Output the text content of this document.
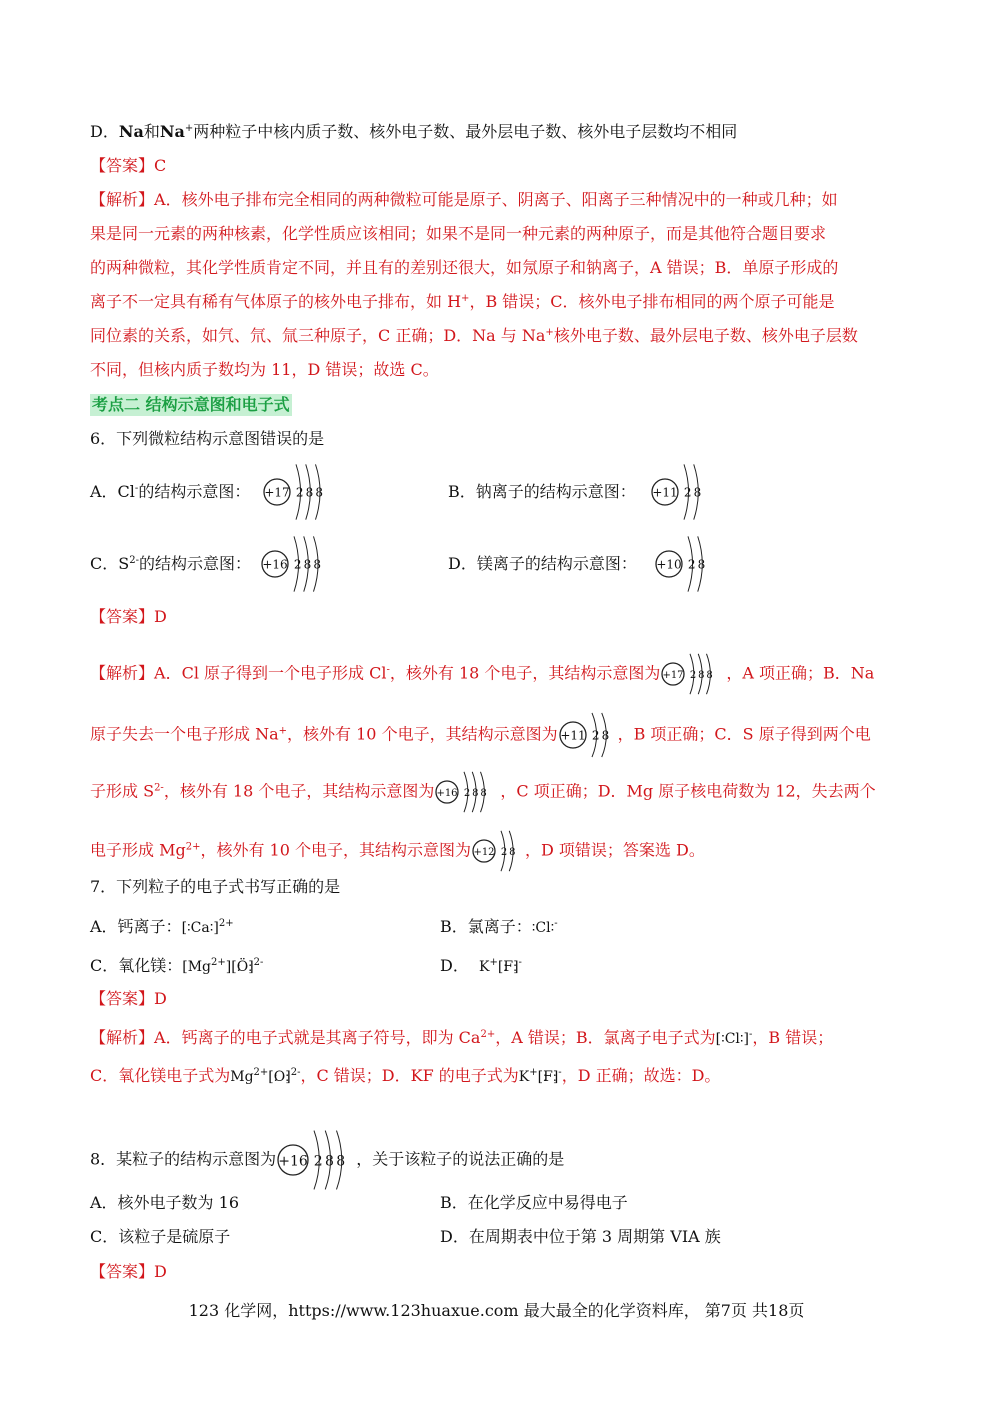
D．Na和Na+两种粒子中核内质子数、核外电子数、最外层电子数、核外电子层数均不相同
【答案】C
【解析】A．核外电子排布完全相同的两种微粒可能是原子、阴离子、阳离子三种情况中的一种或几种；如
果是同一元素的两种核素，化学性质应该相同；如果不是同一种元素的两种原子，而是其他符合题目要求
的两种微粒，其化学性质肯定不同，并且有的差别还很大，如氖原子和钠离子，A 错误；B．单原子形成的
离子不一定具有稀有气体原子的核外电子排布，如 H+，B 错误；C．核外电子排布相同的两个原子可能是
同位素的关系，如氕、氘、氚三种原子，C 正确；D．Na 与 Na+核外电子数、最外层电子数、核外电子层数
不同，但核内质子数均为 11，D 错误；故选 C。
考点二 结构示意图和电子式
6．下列微粒结构示意图错误的是
A．Cl-的结构示意图： +17 2 8 8	B．钠离子的结构示意图： +11 2 8
C．$S^{2-}$的结构示意图： +16 2 8 8	D．镁离子的结构示意图： +10 2 8
【答案】D
【解析】A．Cl 原子得到一个电子形成 Cl-，核外有 18 个电子，其结构示意图为 +17 2 8 8 ，A 项正确；B．Na
原子失去一个电子形成 Na+，核外有 10 个电子，其结构示意图为 +11 2 8 ，B 项正确；C．S 原子得到两个电
子形成 $S^{2-}$，核外有 18 个电子，其结构示意图为 +16 2 8 8 ，C 项正确；D．Mg 原子核电荷数为 12，失去两个
电子形成 $Mg^{2+}$，核外有 10 个电子，其结构示意图为 +12 2 8 ，D 项错误；答案选 D。
7．下列粒子的电子式书写正确的是
A．钙离子：[∶Ca∶]$^{2+}$	B．氯离子：∶Cl∶-
C．氧化镁：$[Mg^{2+}][׃Ö׃]^{2-}$	D． K+[׃F׃]-
【答案】D
【解析】A．钙离子的电子式就是其离子符号，即为 $Ca^{2+}$，A 错误；B．氯离子电子式为[∶Cl∶]-，B 错误；
C．氧化镁电子式为$Mg^{2+}[׃O׃]^{2-}$，C 错误；D．KF 的电子式为K+[׃F׃]-，D 正确；故选：D。
8．某粒子的结构示意图为 +16 2 8 8 ，关于该粒子的说法正确的是
A．核外电子数为 16	B．在化学反应中易得电子
C．该粒子是硫原子	D．在周期表中位于第 3 周期第 VIA 族
【答案】D
123 化学网，https://www.123huaxue.com 最大最全的化学资料库， 第7页 共18页
